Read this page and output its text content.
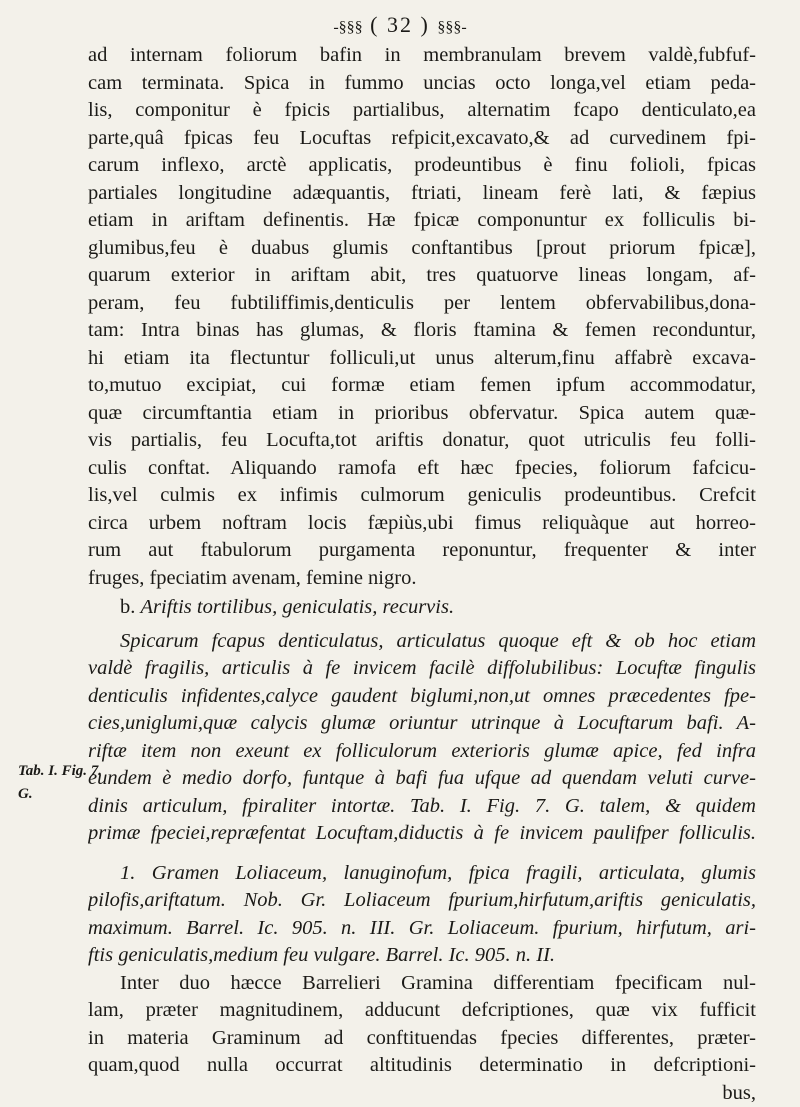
-§§§ ( 32 ) §§§-
Tab. I. Fig. 7.
G.
ad internam foliorum bafin in membranulam brevem valdè,fubfuf-
cam terminata. Spica in fummo uncias octo longa,vel etiam peda-
lis, componitur è fpicis partialibus, alternatim fcapo denticulato,ea
parte,quâ fpicas feu Locuftas refpicit,excavato,& ad curvedinem fpi-
carum inflexo, arctè applicatis, prodeuntibus è finu folioli, fpicas
partiales longitudine adæquantis, ftriati, lineam ferè lati, & fæpius
etiam in ariftam definentis. Hæ fpicæ componuntur ex folliculis bi-
glumibus,feu è duabus glumis conftantibus [prout priorum fpicæ],
quarum exterior in ariftam abit, tres quatuorve lineas longam, af-
peram, feu fubtiliffimis,denticulis per lentem obfervabilibus,dona-
tam: Intra binas has glumas, & floris ftamina & femen reconduntur,
hi etiam ita flectuntur folliculi,ut unus alterum,finu affabrè excava-
to,mutuo excipiat, cui formæ etiam femen ipfum accommodatur,
quæ circumftantia etiam in prioribus obfervatur. Spica autem quæ-
vis partialis, feu Locufta,tot ariftis donatur, quot utriculis feu folli-
culis conftat. Aliquando ramofa eft hæc fpecies, foliorum fafcicu-
lis,vel culmis ex infimis culmorum geniculis prodeuntibus. Crefcit
circa urbem noftram locis fæpiùs,ubi fimus reliquàque aut horreo-
rum aut ftabulorum purgamenta reponuntur, frequenter & inter
fruges, fpeciatim avenam, femine nigro.
b. Ariftis tortilibus, geniculatis, recurvis.
Spicarum fcapus denticulatus, articulatus quoque eft & ob hoc etiam
valdè fragilis, articulis à fe invicem facilè diffolubilibus: Locuftæ fingulis
denticulis infidentes,calyce gaudent biglumi,non,ut omnes præcedentes fpe-
cies,uniglumi,quæ calycis glumæ oriuntur utrinque à Locuftarum bafi. A-
riftæ item non exeunt ex folliculorum exterioris glumæ apice, fed infra
eundem è medio dorfo, funtque à bafi fua ufque ad quendam veluti curve-
dinis articulum, fpiraliter intortæ. Tab. I. Fig. 7. G. talem, & quidem
primæ fpeciei,repræfentat Locuftam,diductis à fe invicem paulifper folliculis.
1. Gramen Loliaceum, lanuginofum, fpica fragili, articulata, glumis
pilofis,ariftatum. Nob. Gr. Loliaceum fpurium,hirfutum,ariftis geniculatis,
maximum. Barrel. Ic. 905. n. III. Gr. Loliaceum. fpurium, hirfutum, ari-
ftis geniculatis,medium feu vulgare. Barrel. Ic. 905. n. II.
Inter duo hæcce Barrelieri Gramina differentiam fpecificam nul-
lam, præter magnitudinem, adducunt defcriptiones, quæ vix fufficit
in materia Graminum ad conftituendas fpecies differentes, præter-
quam,quod nulla occurrat altitudinis determinatio in defcriptioni-
bus,
